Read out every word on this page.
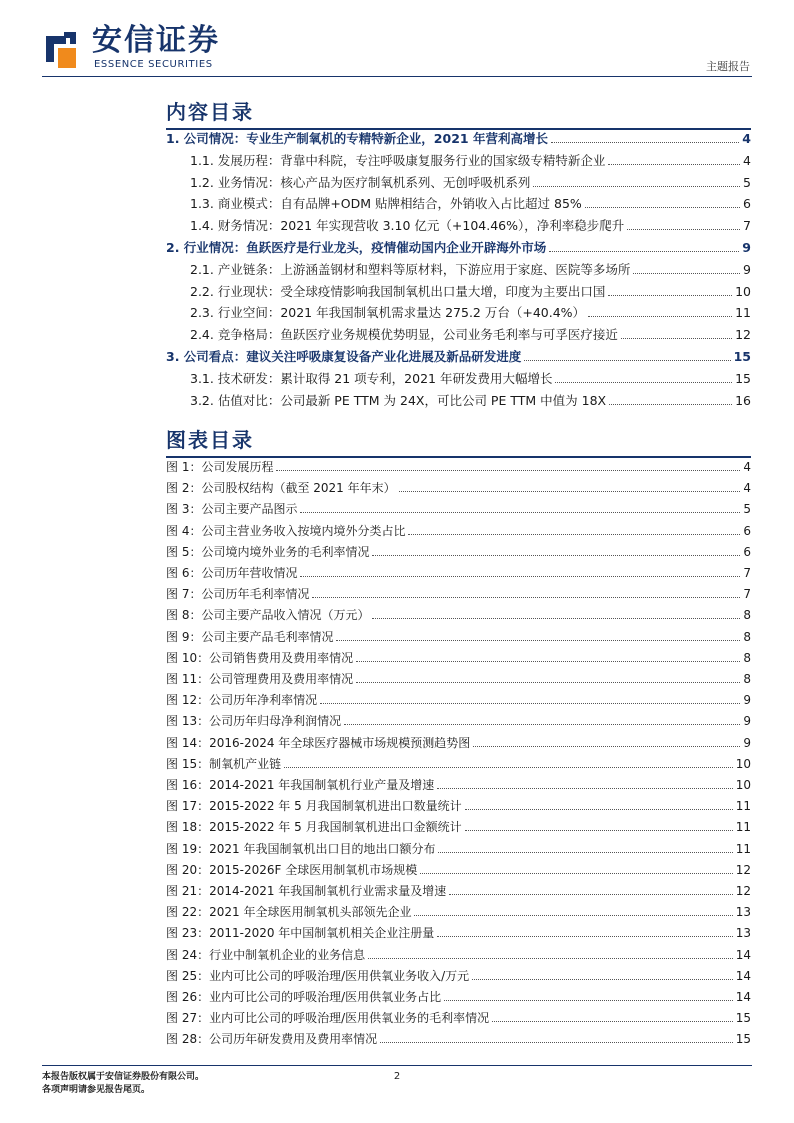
安信证券
ESSENCE SECURITIES	主题报告
内容目录
1. 公司情况：专业生产制氧机的专精特新企业，2021 年营利高增长	4
1.1. 发展历程：背靠中科院，专注呼吸康复服务行业的国家级专精特新企业	4
1.2. 业务情况：核心产品为医疗制氧机系列、无创呼吸机系列	5
1.3. 商业模式：自有品牌+ODM 贴牌相结合，外销收入占比超过 85%	6
1.4. 财务情况：2021 年实现营收 3.10 亿元（+104.46%），净利率稳步爬升	7
2. 行业情况：鱼跃医疗是行业龙头，疫情催动国内企业开辟海外市场	9
2.1. 产业链条：上游涵盖钢材和塑料等原材料，下游应用于家庭、医院等多场所	9
2.2. 行业现状：受全球疫情影响我国制氧机出口量大增，印度为主要出口国	10
2.3. 行业空间：2021 年我国制氧机需求量达 275.2 万台（+40.4%）	11
2.4. 竞争格局：鱼跃医疗业务规模优势明显，公司业务毛利率与可孚医疗接近	12
3. 公司看点：建议关注呼吸康复设备产业化进展及新品研发进度	15
3.1. 技术研发：累计取得 21 项专利，2021 年研发费用大幅增长	15
3.2. 估值对比：公司最新 PE TTM 为 24X，可比公司 PE TTM 中值为 18X	16
图表目录
图 1：公司发展历程	4
图 2：公司股权结构（截至 2021 年年末）	4
图 3：公司主要产品图示	5
图 4：公司主营业务收入按境内境外分类占比	6
图 5：公司境内境外业务的毛利率情况	6
图 6：公司历年营收情况	7
图 7：公司历年毛利率情况	7
图 8：公司主要产品收入情况（万元）	8
图 9：公司主要产品毛利率情况	8
图 10：公司销售费用及费用率情况	8
图 11：公司管理费用及费用率情况	8
图 12：公司历年净利率情况	9
图 13：公司历年归母净利润情况	9
图 14：2016-2024 年全球医疗器械市场规模预测趋势图	9
图 15：制氧机产业链	10
图 16：2014-2021 年我国制氧机行业产量及增速	10
图 17：2015-2022 年 5 月我国制氧机进出口数量统计	11
图 18：2015-2022 年 5 月我国制氧机进出口金额统计	11
图 19：2021 年我国制氧机出口目的地出口额分布	11
图 20：2015-2026F 全球医用制氧机市场规模	12
图 21：2014-2021 年我国制氧机行业需求量及增速	12
图 22：2021 年全球医用制氧机头部领先企业	13
图 23：2011-2020 年中国制氧机相关企业注册量	13
图 24：行业中制氧机企业的业务信息	14
图 25：业内可比公司的呼吸治理/医用供氧业务收入/万元	14
图 26：业内可比公司的呼吸治理/医用供氧业务占比	14
图 27：业内可比公司的呼吸治理/医用供氧业务的毛利率情况	15
图 28：公司历年研发费用及费用率情况	15
本报告版权属于安信证券股份有限公司。
各项声明请参见报告尾页。
2
